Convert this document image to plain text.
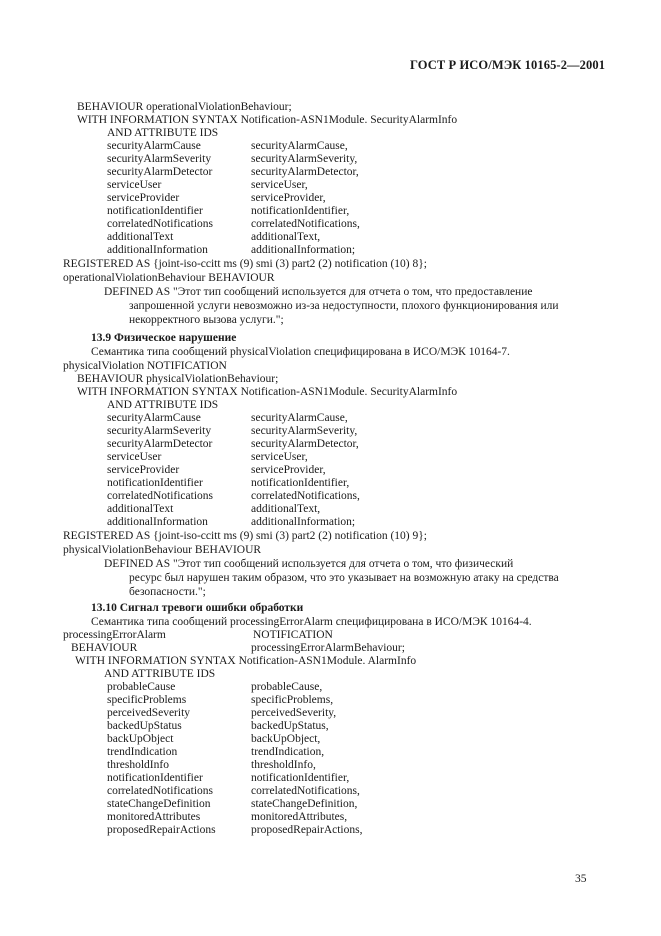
ГОСТ Р ИСО/МЭК 10165-2—2001
BEHAVIOUR operationalViolationBehaviour;
WITH INFORMATION SYNTAX Notification-ASN1Module. SecurityAlarmInfo
AND ATTRIBUTE IDS
securityAlarmCause	securityAlarmCause,
securityAlarmSeverity	securityAlarmSeverity,
securityAlarmDetector	securityAlarmDetector,
serviceUser	serviceUser,
serviceProvider	serviceProvider,
notificationIdentifier	notificationIdentifier,
correlatedNotifications	correlatedNotifications,
additionalText	additionalText,
additionalInformation	additionalInformation;
REGISTERED AS {joint-iso-ccitt ms (9) smi (3) part2 (2) notification (10) 8};
operationalViolationBehaviour BEHAVIOUR
DEFINED AS "Этот тип сообщений используется для отчета о том, что предоставление
запрошенной услуги невозможно из-за недоступности, плохого функционирования или
некорректного вызова услуги.";
13.9 Физическое нарушение
Семантика типа сообщений physicalViolation специфицирована в ИСО/МЭК 10164-7.
physicalViolation NOTIFICATION
BEHAVIOUR physicalViolationBehaviour;
WITH INFORMATION SYNTAX Notification-ASN1Module. SecurityAlarmInfo
AND ATTRIBUTE IDS
securityAlarmCause	securityAlarmCause,
securityAlarmSeverity	securityAlarmSeverity,
securityAlarmDetector	securityAlarmDetector,
serviceUser	serviceUser,
serviceProvider	serviceProvider,
notificationIdentifier	notificationIdentifier,
correlatedNotifications	correlatedNotifications,
additionalText	additionalText,
additionalInformation	additionalInformation;
REGISTERED AS {joint-iso-ccitt ms (9) smi (3) part2 (2) notification (10) 9};
physicalViolationBehaviour BEHAVIOUR
DEFINED AS "Этот тип сообщений используется для отчета о том, что физический
ресурс был нарушен таким образом, что это указывает на возможную атаку на средства
безопасности.";
13.10 Сигнал тревоги ошибки обработки
Семантика типа сообщений processingErrorAlarm специфицирована в ИСО/МЭК 10164-4.
processingErrorAlarm	NOTIFICATION
BEHAVIOUR	processingErrorAlarmBehaviour;
WITH INFORMATION SYNTAX Notification-ASN1Module. AlarmInfo
AND ATTRIBUTE IDS
probableCause	probableCause,
specificProblems	specificProblems,
perceivedSeverity	perceivedSeverity,
backedUpStatus	backedUpStatus,
backUpObject	backUpObject,
trendIndication	trendIndication,
thresholdInfo	thresholdInfo,
notificationIdentifier	notificationIdentifier,
correlatedNotifications	correlatedNotifications,
stateChangeDefinition	stateChangeDefinition,
monitoredAttributes	monitoredAttributes,
proposedRepairActions	proposedRepairActions,
35
